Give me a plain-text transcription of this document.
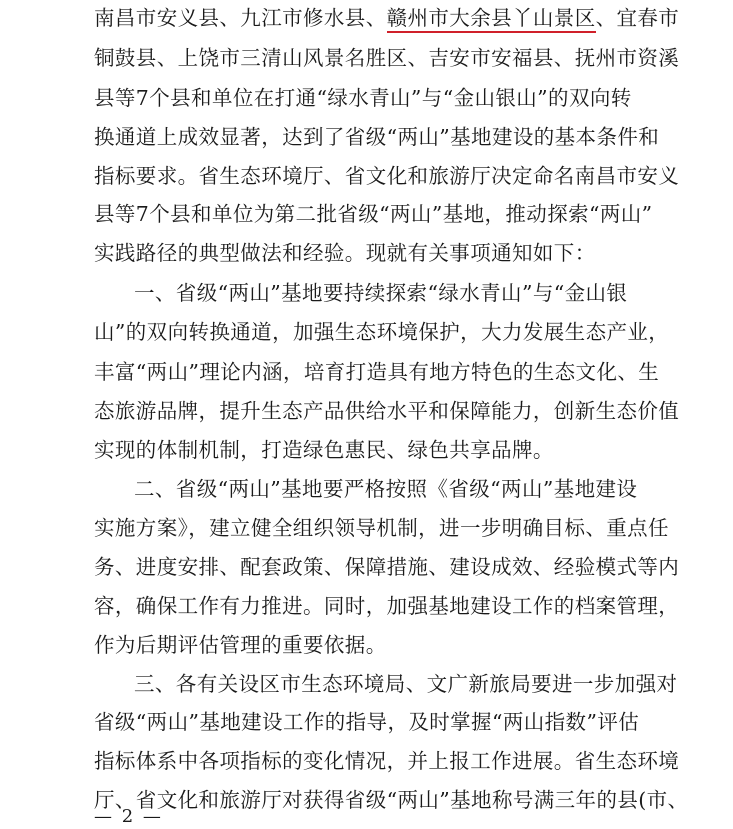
南昌市安义县、九江市修水县、赣州市大余县丫山景区
、宜春市
铜鼓县、上饶市三清山风景名胜区、吉安市安福县、抚州市资溪
县等7个县和单位在打通“绿水青山”与“金山银山”的双向转
换通道上成效显著，达到了省级“两山”基地建设的基本条件和
指标要求。省生态环境厅、省文化和旅游厅决定命名南昌市安义
县等7个县和单位为第二批省级“两山”基地，推动探索“两山”
实践路径的典型做法和经验。现就有关事项通知如下：
一、省级“两山”基地要持续探索“绿水青山”与“金山银
山”的双向转换通道，加强生态环境保护，大力发展生态产业，
丰富“两山”理论内涵，培育打造具有地方特色的生态文化、生
态旅游品牌，提升生态产品供给水平和保障能力，创新生态价值
实现的体制机制，打造绿色惠民、绿色共享品牌。
二、省级“两山”基地要严格按照《省级“两山”基地建设
实施方案》，建立健全组织领导机制，进一步明确目标、重点任
务、进度安排、配套政策、保障措施、建设成效、经验模式等内
容，确保工作有力推进。同时，加强基地建设工作的档案管理，
作为后期评估管理的重要依据。
三、各有关设区市生态环境局、文广新旅局要进一步加强对
省级“两山”基地建设工作的指导，及时掌握“两山指数”评估
指标体系中各项指标的变化情况，并上报工作进展。省生态环境
厅、省文化和旅游厅对获得省级“两山”基地称号满三年的县(市、
— 2 —
